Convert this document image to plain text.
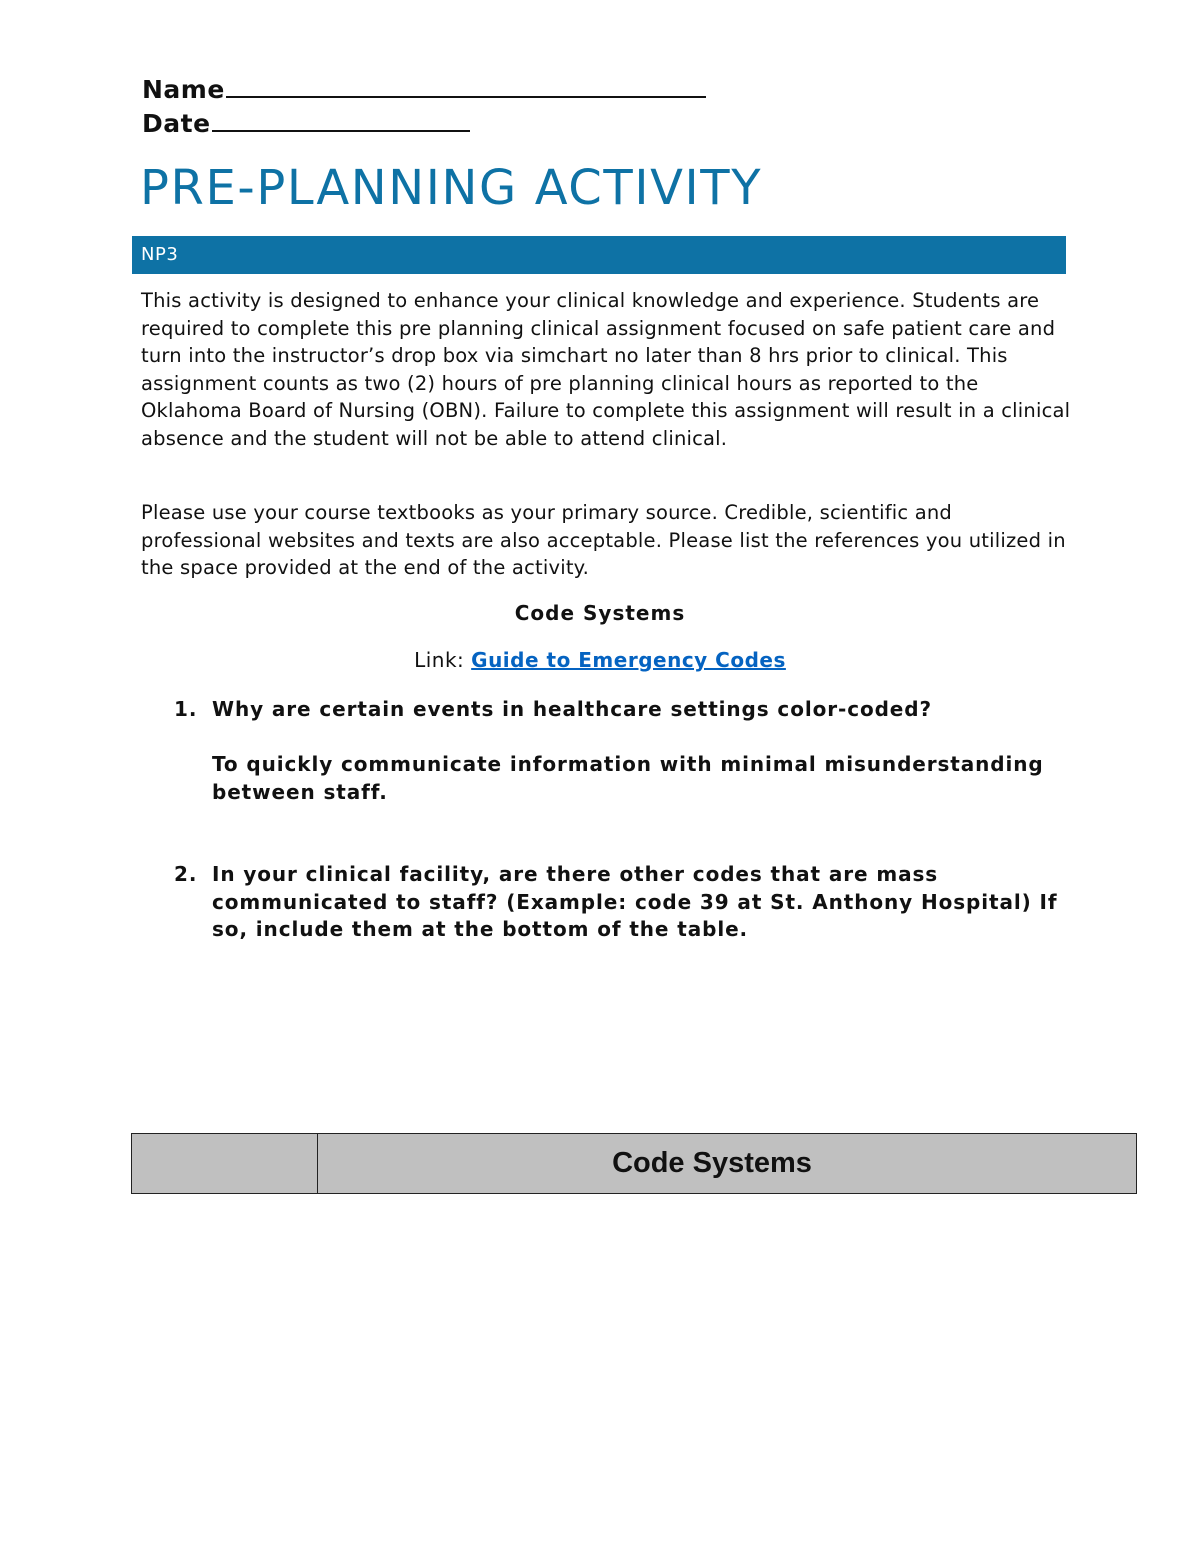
Name
Date
PRE-PLANNING ACTIVITY
NP3

This activity is designed to enhance your clinical knowledge and experience. Students are required to complete this pre planning clinical assignment focused on safe patient care and turn into the instructor’s drop box via simchart no later than 8 hrs prior to clinical. This assignment counts as two (2) hours of pre planning clinical hours as reported to the Oklahoma Board of Nursing (OBN). Failure to complete this assignment will result in a clinical absence and the student will not be able to attend clinical.

Please use your course textbooks as your primary source. Credible, scientific and professional websites and texts are also acceptable. Please list the references you utilized in the space provided at the end of the activity.

Code Systems
Link: Guide to Emergency Codes
1. Why are certain events in healthcare settings color-coded?
To quickly communicate information with minimal misunderstanding between staff.
2. In your clinical facility, are there other codes that are mass communicated to staff? (Example: code 39 at St. Anthony Hospital) If so, include them at the bottom of the table.
	Code Systems
